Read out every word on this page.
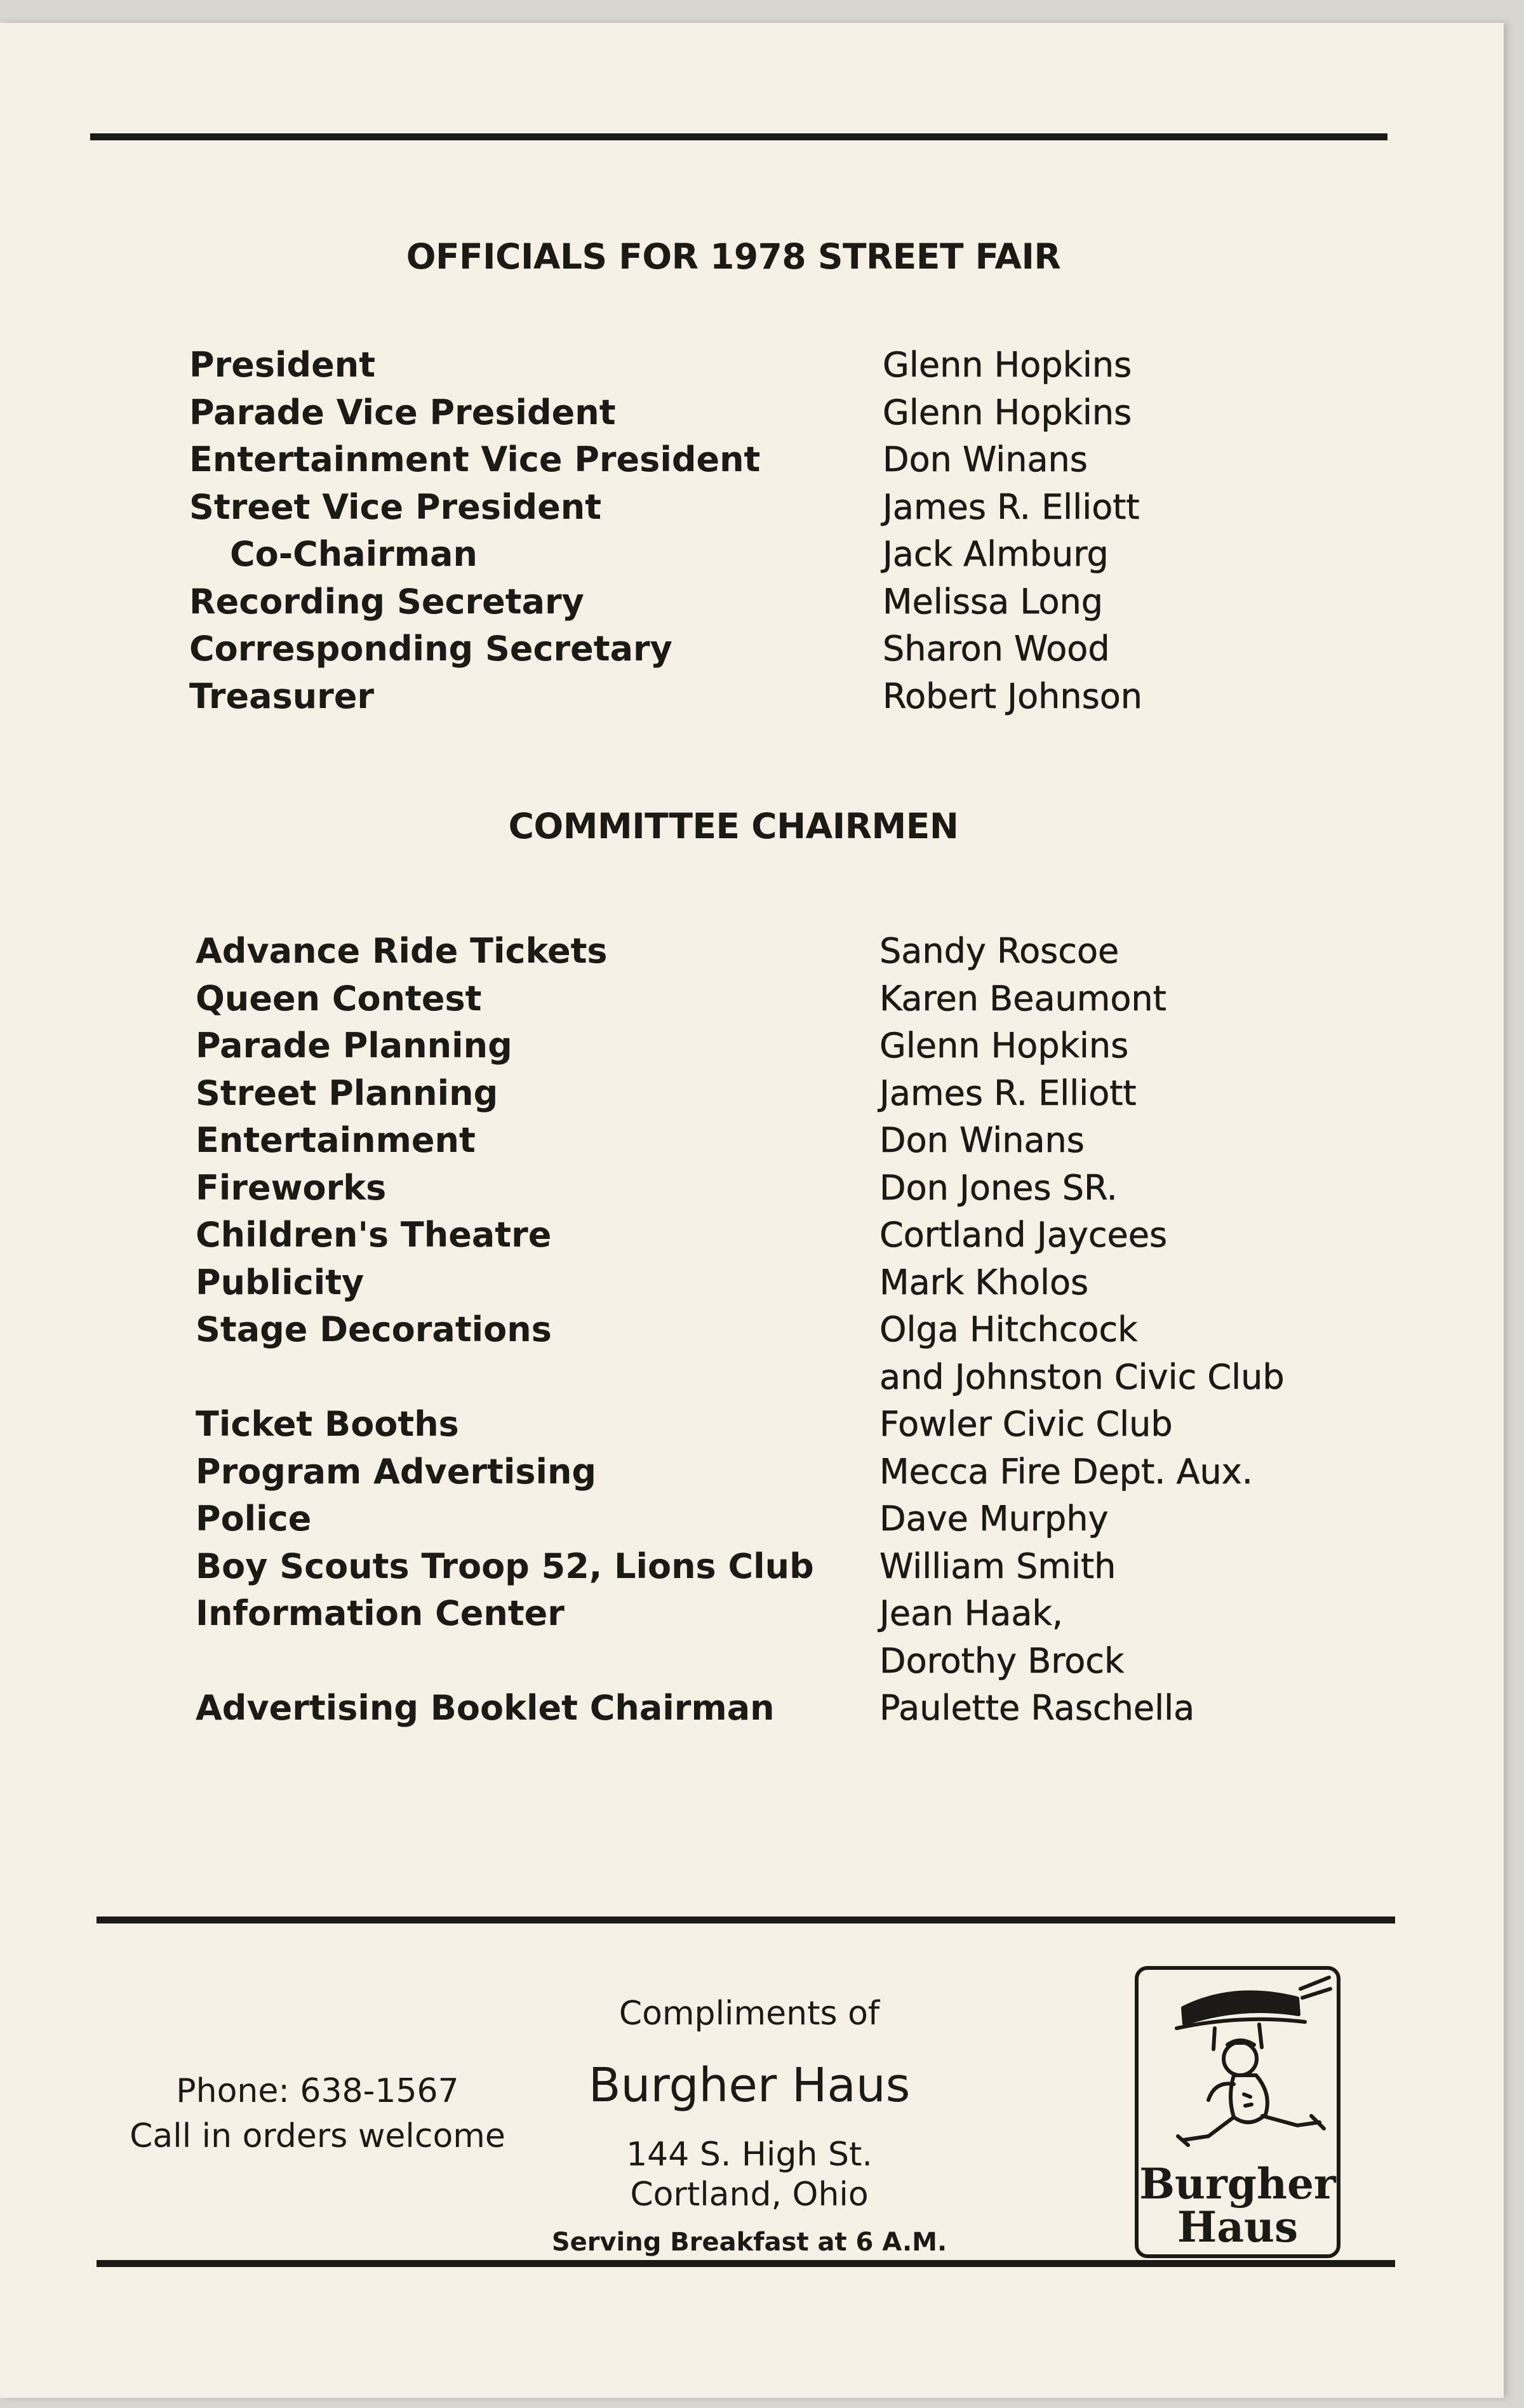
OFFICIALS FOR 1978 STREET FAIR
President
Parade Vice President
Entertainment Vice President
Street Vice President
Co-Chairman
Recording Secretary
Corresponding Secretary
Treasurer
Glenn Hopkins
Glenn Hopkins
Don Winans
James R. Elliott
Jack Almburg
Melissa Long
Sharon Wood
Robert Johnson
COMMITTEE CHAIRMEN
Advance Ride Tickets
Queen Contest
Parade Planning
Street Planning
Entertainment
Fireworks
Children's Theatre
Publicity
Stage Decorations
Ticket Booths
Program Advertising
Police
Boy Scouts Troop 52, Lions Club
Information Center
Advertising Booklet Chairman
Sandy Roscoe
Karen Beaumont
Glenn Hopkins
James R. Elliott
Don Winans
Don Jones SR.
Cortland Jaycees
Mark Kholos
Olga Hitchcock
and Johnston Civic Club
Fowler Civic Club
Mecca Fire Dept. Aux.
Dave Murphy
William Smith
Jean Haak,
Dorothy Brock
Paulette Raschella
Compliments of
Burgher Haus
144 S. High St.
Cortland, Ohio
Serving Breakfast at 6 A.M.
Phone: 638-1567
Call in orders welcome
Burgher
Haus
